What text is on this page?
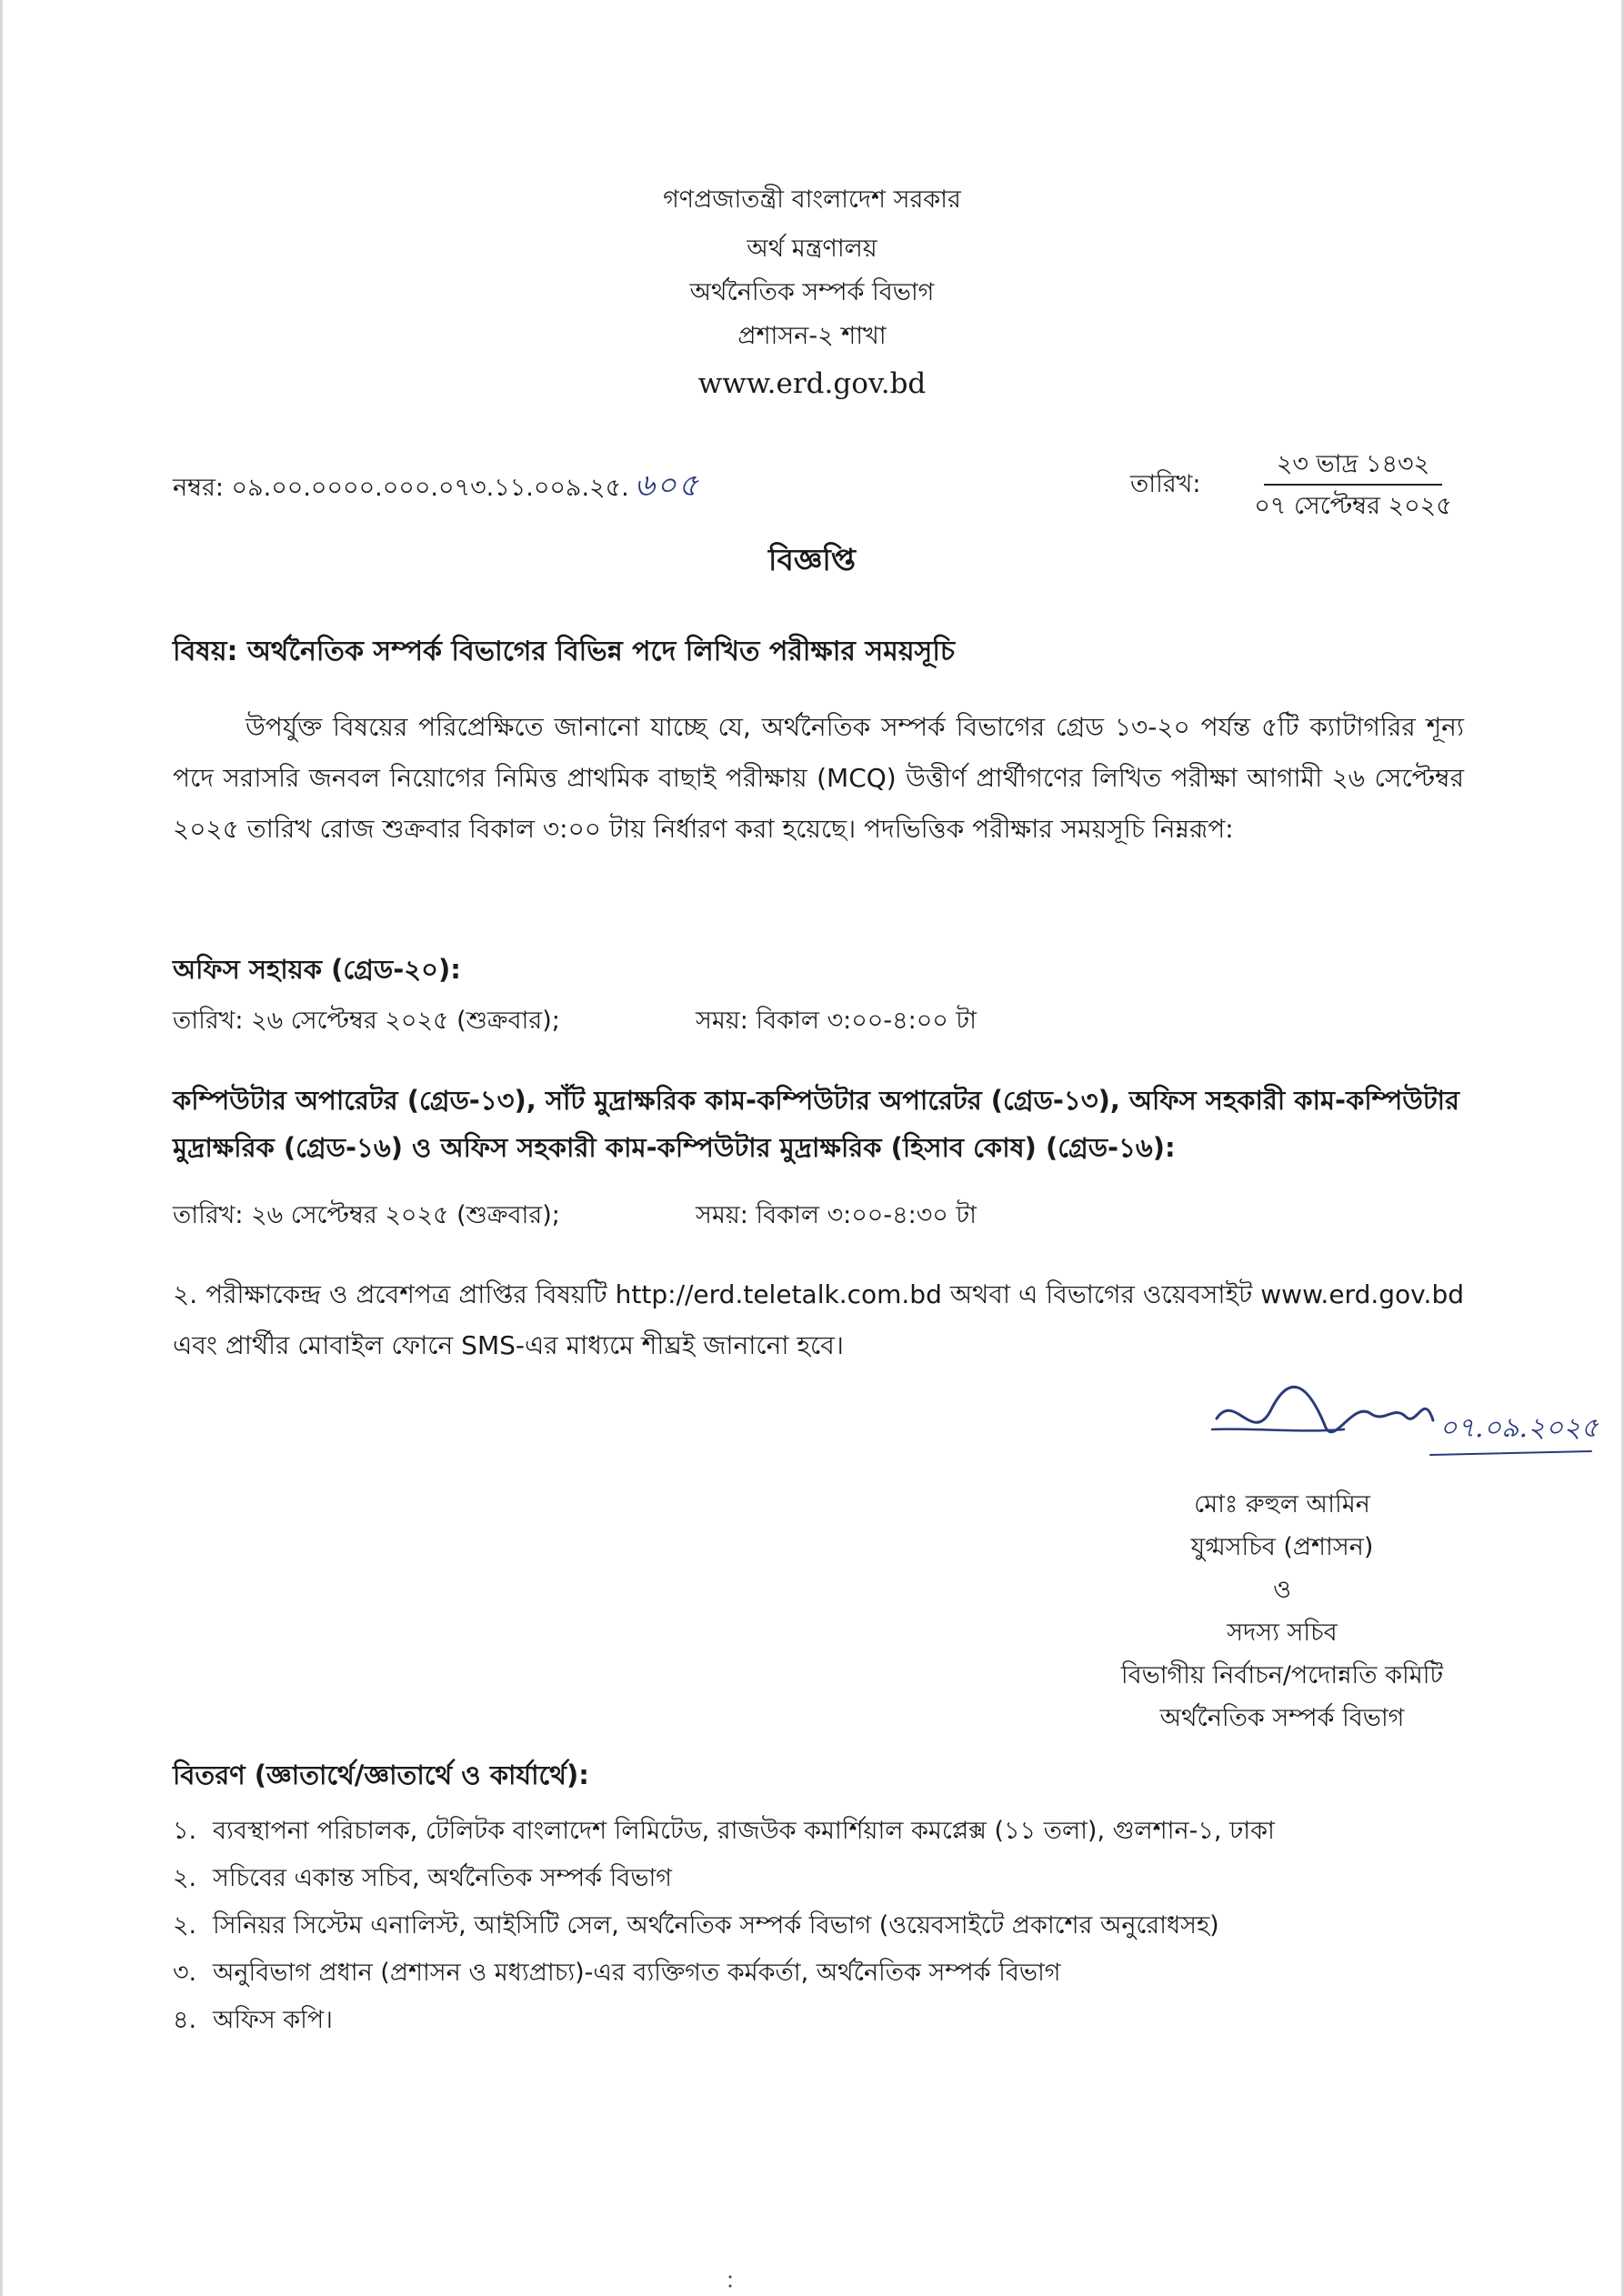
গণপ্রজাতন্ত্রী বাংলাদেশ সরকার
অর্থ মন্ত্রণালয়
অর্থনৈতিক সম্পর্ক বিভাগ
প্রশাসন-২ শাখা
www.erd.gov.bd
নম্বর: ০৯.০০.০০০০.০০০.০৭৩.১১.০০৯.২৫. ৬০৫	তারিখ:
২৩ ভাদ্র ১৪৩২
০৭ সেপ্টেম্বর ২০২৫
বিজ্ঞপ্তি
বিষয়: অর্থনৈতিক সম্পর্ক বিভাগের বিভিন্ন পদে লিখিত পরীক্ষার সময়সূচি
উপর্যুক্ত বিষয়ের পরিপ্রেক্ষিতে জানানো যাচ্ছে যে, অর্থনৈতিক সম্পর্ক বিভাগের গ্রেড ১৩-২০ পর্যন্ত ৫টি ক্যাটাগরির শূন্য পদে সরাসরি জনবল নিয়োগের নিমিত্ত প্রাথমিক বাছাই পরীক্ষায় (MCQ) উত্তীর্ণ প্রার্থীগণের লিখিত পরীক্ষা আগামী ২৬ সেপ্টেম্বর ২০২৫ তারিখ রোজ শুক্রবার বিকাল ৩:০০ টায় নির্ধারণ করা হয়েছে। পদভিত্তিক পরীক্ষার সময়সূচি নিম্নরূপ:
অফিস সহায়ক (গ্রেড-২০):
তারিখ: ২৬ সেপ্টেম্বর ২০২৫ (শুক্রবার);	সময়: বিকাল ৩:০০-৪:০০ টা
কম্পিউটার অপারেটর (গ্রেড-১৩), সাঁট মুদ্রাক্ষরিক কাম-কম্পিউটার অপারেটর (গ্রেড-১৩), অফিস সহকারী কাম-কম্পিউটার মুদ্রাক্ষরিক (গ্রেড-১৬) ও অফিস সহকারী কাম-কম্পিউটার মুদ্রাক্ষরিক (হিসাব কোষ) (গ্রেড-১৬):
তারিখ: ২৬ সেপ্টেম্বর ২০২৫ (শুক্রবার);	সময়: বিকাল ৩:০০-৪:৩০ টা
২. পরীক্ষাকেন্দ্র ও প্রবেশপত্র প্রাপ্তির বিষয়টি http://erd.teletalk.com.bd অথবা এ বিভাগের ওয়েবসাইট www.erd.gov.bd এবং প্রার্থীর মোবাইল ফোনে SMS-এর মাধ্যমে শীঘ্রই জানানো হবে।
০৭.০৯.২০২৫
মোঃ রুহুল আমিন
যুগ্মসচিব (প্রশাসন)
ও
সদস্য সচিব
বিভাগীয় নির্বাচন/পদোন্নতি কমিটি
অর্থনৈতিক সম্পর্ক বিভাগ
বিতরণ (জ্ঞাতার্থে/জ্ঞাতার্থে ও কার্যার্থে):
১. ব্যবস্থাপনা পরিচালক, টেলিটক বাংলাদেশ লিমিটেড, রাজউক কমার্শিয়াল কমপ্লেক্স (১১ তলা), গুলশান-১, ঢাকা
২. সচিবের একান্ত সচিব, অর্থনৈতিক সম্পর্ক বিভাগ
২. সিনিয়র সিস্টেম এনালিস্ট, আইসিটি সেল, অর্থনৈতিক সম্পর্ক বিভাগ (ওয়েবসাইটে প্রকাশের অনুরোধসহ)
৩. অনুবিভাগ প্রধান (প্রশাসন ও মধ্যপ্রাচ্য)-এর ব্যক্তিগত কর্মকর্তা, অর্থনৈতিক সম্পর্ক বিভাগ
৪. অফিস কপি।
